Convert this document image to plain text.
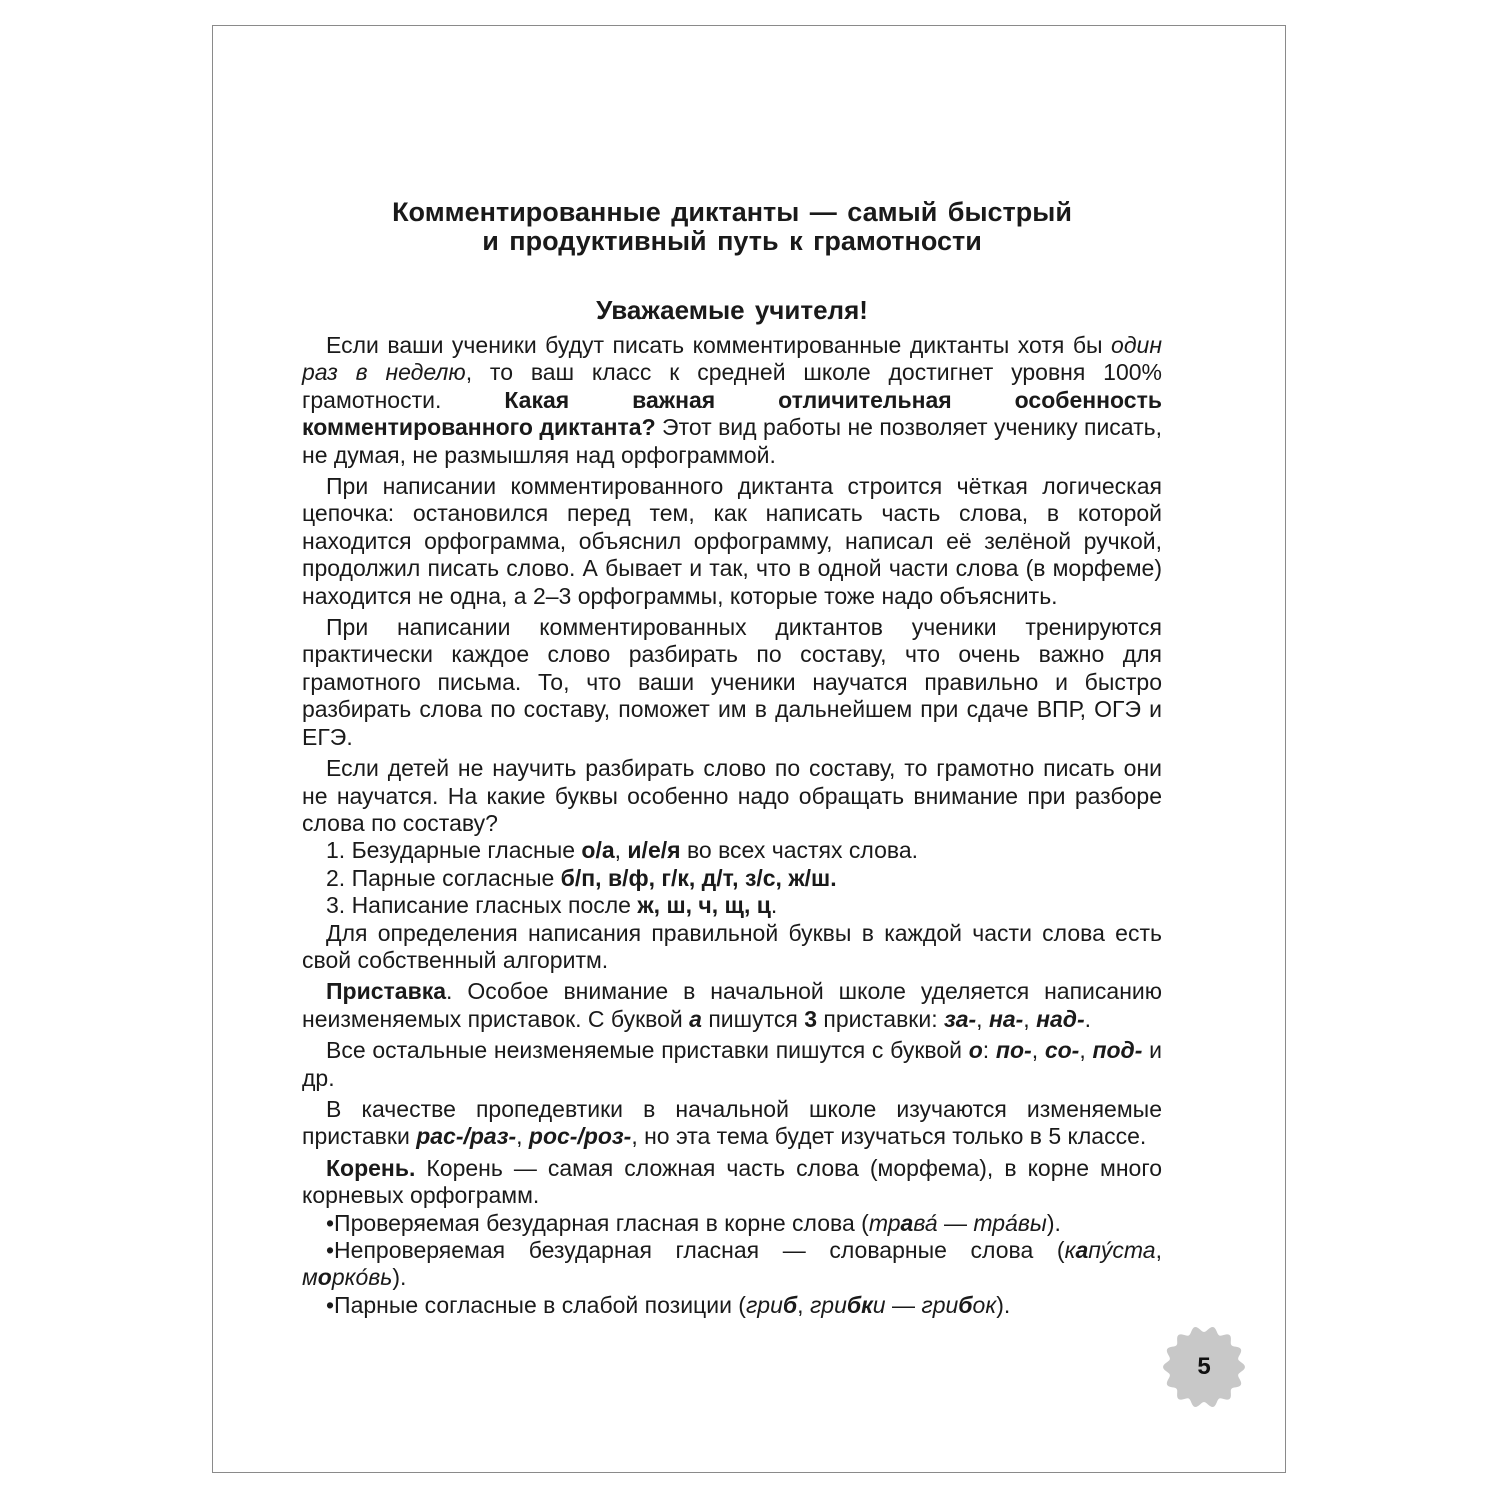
Комментированные диктанты — самый быстрый
и продуктивный путь к грамотности
Уважаемые учителя!

Если ваши ученики будут писать комментированные диктанты хотя бы один раз в неделю, то ваш класс к средней школе достигнет уровня 100% грамотности. Какая важная отличительная особенность комментированного диктанта? Этот вид работы не позволяет ученику писать, не думая, не размышляя над орфограммой.

При написании комментированного диктанта строится чёткая логическая цепочка: остановился перед тем, как написать часть слова, в которой находится орфограмма, объяснил орфограмму, написал её зелёной ручкой, продолжил писать слово. А бывает и так, что в одной части слова (в морфеме) находится не одна, а 2–3 орфограммы, которые тоже надо объяснить.

При написании комментированных диктантов ученики тренируются практически каждое слово разбирать по составу, что очень важно для грамотного письма. То, что ваши ученики научатся правильно и быстро разбирать слова по составу, поможет им в дальнейшем при сдаче ВПР, ОГЭ и ЕГЭ.

Если детей не научить разбирать слово по составу, то грамотно писать они не научатся. На какие буквы особенно надо обращать внимание при разборе слова по составу?

1. Безударные гласные о/а, и/е/я во всех частях слова.

2. Парные согласные б/п, в/ф, г/к, д/т, з/с, ж/ш.

3. Написание гласных после ж, ш, ч, щ, ц.

Для определения написания правильной буквы в каждой части слова есть свой собственный алгоритм.

Приставка. Особое внимание в начальной школе уделяется написанию неизменяемых приставок. С буквой а пишутся 3 приставки: за-, на-, над-.

Все остальные неизменяемые приставки пишутся с буквой о: по-, со-, под- и др.

В качестве пропедевтики в начальной школе изучаются изменяемые приставки рас-/раз-, рос-/роз-, но эта тема будет изучаться только в 5 классе.

Корень. Корень — самая сложная часть слова (морфема), в корне много корневых орфограмм.

•Проверяемая безударная гласная в корне слова (трава́ — тра́вы).

•Непроверяемая безударная гласная — словарные слова (капу́ста, морко́вь).

•Парные согласные в слабой позиции (гриб, грибки — грибок).

5
